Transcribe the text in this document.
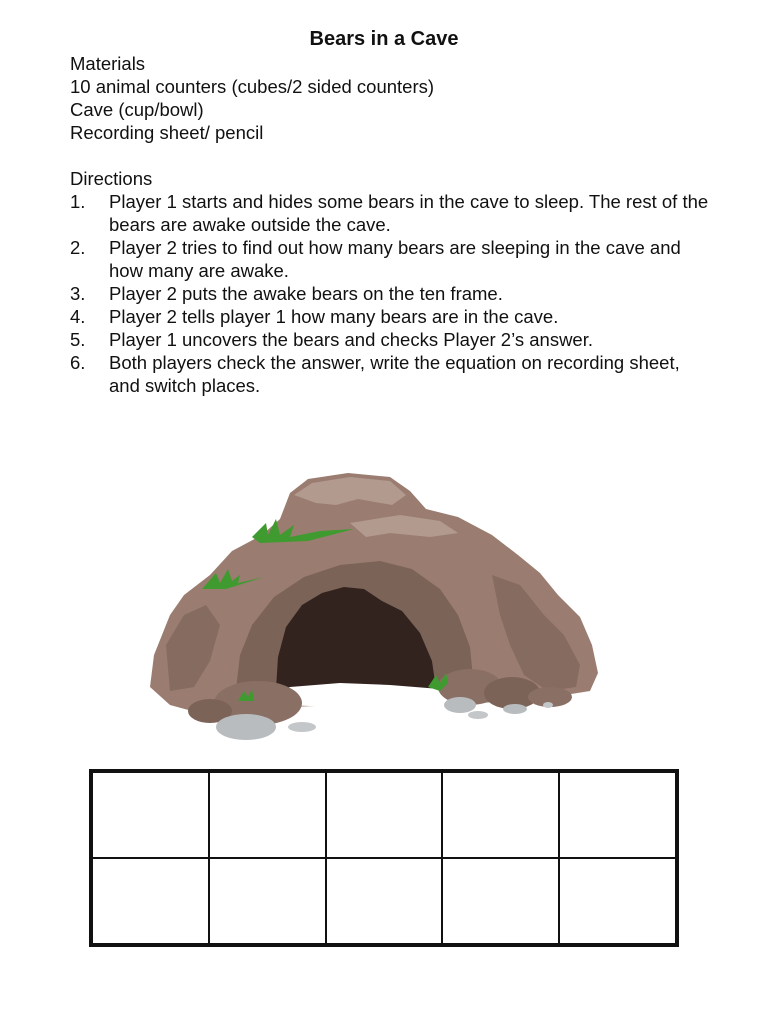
Bears in a Cave

Materials

10 animal counters (cubes/2 sided counters)

Cave (cup/bowl)

Recording sheet/ pencil

Directions

1. Player 1 starts and hides some bears in the cave to sleep. The rest of the bears are awake outside the cave.
2. Player 2 tries to find out how many bears are sleeping in the cave and how many are awake.
3. Player 2 puts the awake bears on the ten frame.
4. Player 2 tells player 1 how many bears are in the cave.
5. Player 1 uncovers the bears and checks Player 2’s answer.
6. Both players check the answer, write the equation on recording sheet, and switch places.
